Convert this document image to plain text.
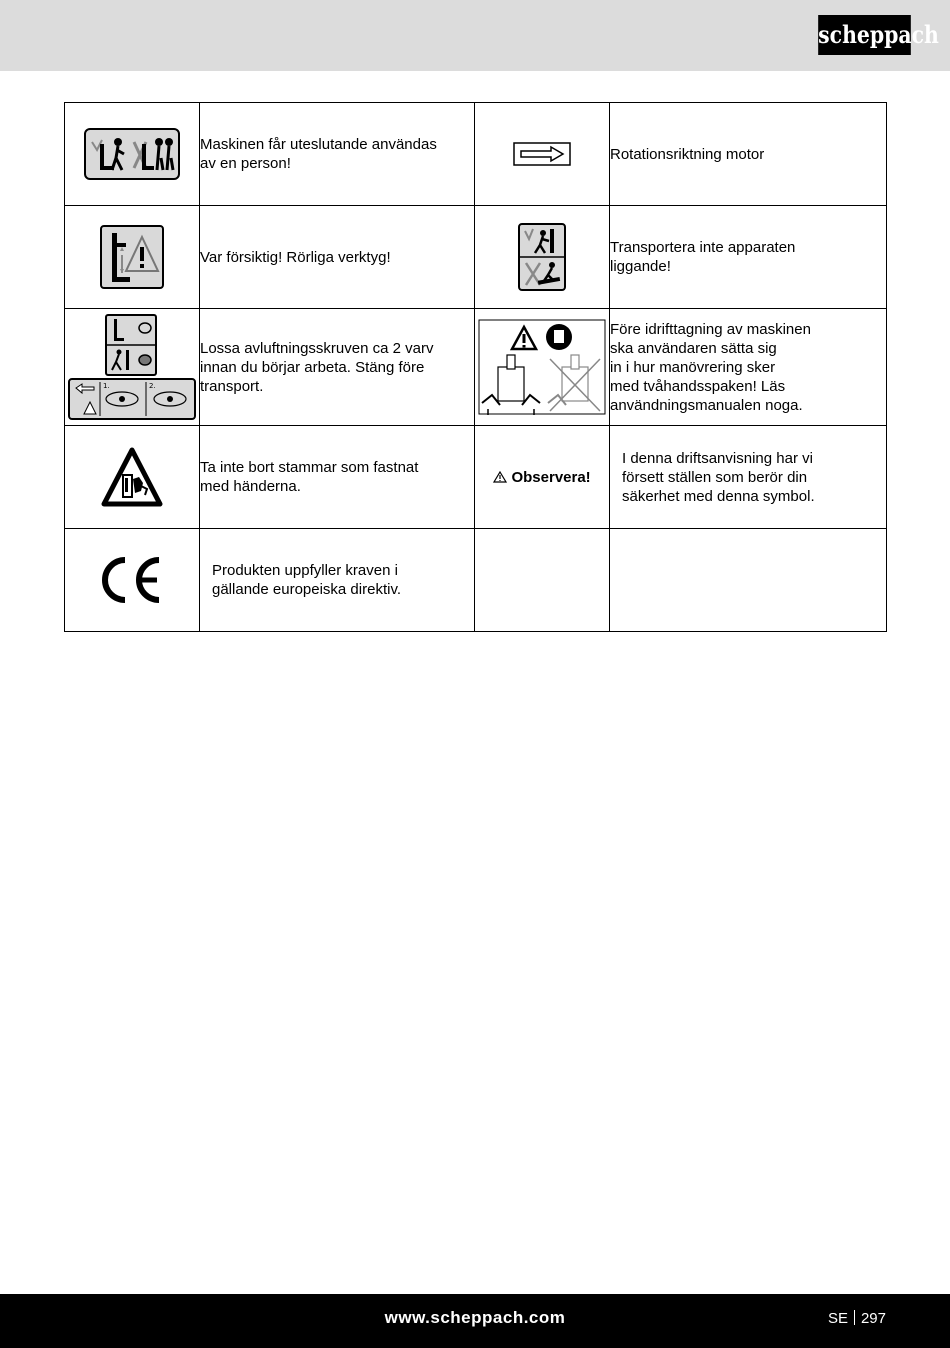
scheppach

Maskinen får uteslutande användas
av en person!		Rotationsriktning motor

Var försiktig! Rörliga verktyg!		Transportera inte apparaten
liggande!

1. 2.	Lossa avluftningsskruven ca 2 varv
innan du börjar arbeta. Stäng före
transport.		Före idrifttagning av maskinen
ska användaren sätta sig
in i hur manövrering sker
med tvåhandsspaken! Läs
användningsmanualen noga.

Ta inte bort stammar som fastnat
med händerna.	Observera!	I denna driftsanvisning har vi
försett ställen som berör din
säkerhet med denna symbol.

Produkten uppfyller kraven i
gällande europeiska direktiv.		

www.scheppach.com	SE 297
